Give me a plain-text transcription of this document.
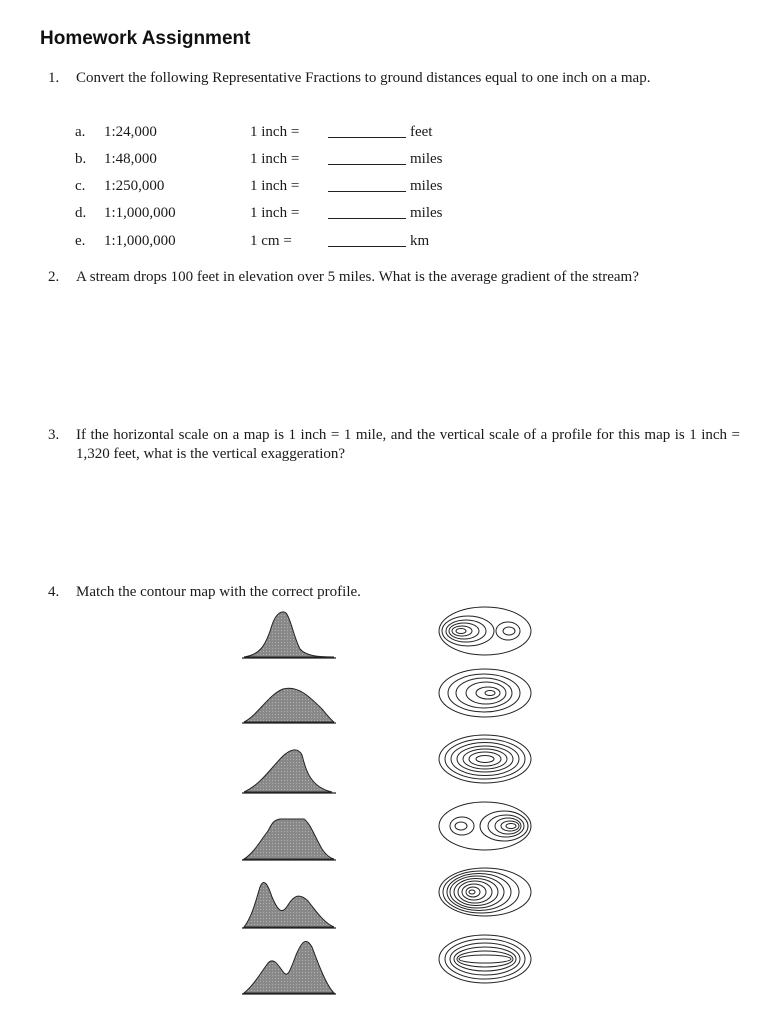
Homework Assignment
1. Convert the following Representative Fractions to ground distances equal to one inch on a map.
a. 1:24,000	1 inch =	feet
b. 1:48,000	1 inch =	miles
c. 1:250,000	1 inch =	miles
d. 1:1,000,000	1 inch =	miles
e. 1:1,000,000	1 cm =	km
2. A stream drops 100 feet in elevation over 5 miles. What is the average gradient of the stream?
3. If the horizontal scale on a map is 1 inch = 1 mile, and the vertical scale of a profile for this map is 1 inch = 1,320 feet, what is the vertical exaggeration?
4. Match the contour map with the correct profile.
